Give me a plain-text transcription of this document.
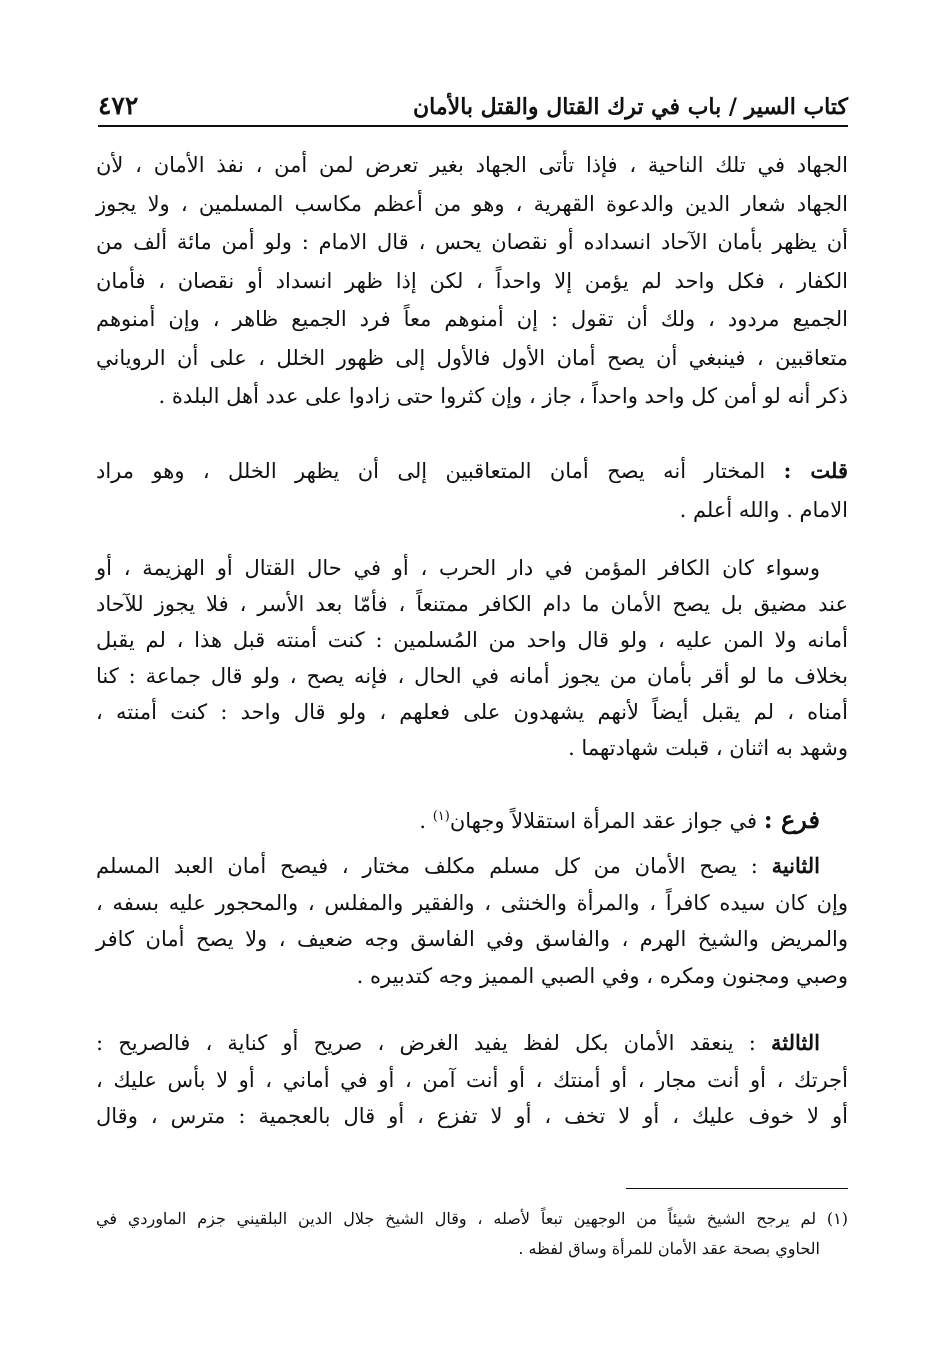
كتاب السير / باب في ترك القتال والقتل بالأمان
٤٧٢
الجهاد في تلك الناحية ، فإذا تأتى الجهاد بغير تعرض لمن أمن ، نفذ الأمان ، لأن
الجهاد شعار الدين والدعوة القهرية ، وهو من أعظم مكاسب المسلمين ، ولا يجوز
أن يظهر بأمان الآحاد انسداده أو نقصان يحس ، قال الامام : ولو أمن مائة ألف من
الكفار ، فكل واحد لم يؤمن إلا واحداً ، لكن إذا ظهر انسداد أو نقصان ، فأمان
الجميع مردود ، ولك أن تقول : إن أمنوهم معاً فرد الجميع ظاهر ، وإن أمنوهم
متعاقبين ، فينبغي أن يصح أمان الأول فالأول إلى ظهور الخلل ، على أن الروياني
ذكر أنه لو أمن كل واحد واحداً ، جاز ، وإن كثروا حتى زادوا على عدد أهل البلدة .
قلت : المختار أنه يصح أمان المتعاقبين إلى أن يظهر الخلل ، وهو مراد
الامام . والله أعلم .
وسواء كان الكافر المؤمن في دار الحرب ، أو في حال القتال أو الهزيمة ، أو
عند مضيق بل يصح الأمان ما دام الكافر ممتنعاً ، فأمّا بعد الأسر ، فلا يجوز للآحاد
أمانه ولا المن عليه ، ولو قال واحد من المُسلمين : كنت أمنته قبل هذا ، لم يقبل
بخلاف ما لو أقر بأمان من يجوز أمانه في الحال ، فإنه يصح ، ولو قال جماعة : كنا
أمناه ، لم يقبل أيضاً لأنهم يشهدون على فعلهم ، ولو قال واحد : كنت أمنته ،
وشهد به اثنان ، قبلت شهادتهما .
فرع : في جواز عقد المرأة استقلالاً وجهان$^{(١)}$ .
الثانية : يصح الأمان من كل مسلم مكلف مختار ، فيصح أمان العبد المسلم
وإن كان سيده كافراً ، والمرأة والخنثى ، والفقير والمفلس ، والمحجور عليه بسفه ،
والمريض والشيخ الهرم ، والفاسق وفي الفاسق وجه ضعيف ، ولا يصح أمان كافر
وصبي ومجنون ومكره ، وفي الصبي المميز وجه كتدبيره .
الثالثة : ينعقد الأمان بكل لفظ يفيد الغرض ، صريح أو كناية ، فالصريح :
أجرتك ، أو أنت مجار ، أو أمنتك ، أو أنت آمن ، أو في أماني ، أو لا بأس عليك ،
أو لا خوف عليك ، أو لا تخف ، أو لا تفزع ، أو قال بالعجمية : مترس ، وقال
(١) لم يرجح الشيخ شيئاً من الوجهين تبعاً لأصله ، وقال الشيخ جلال الدين البلقيني جزم الماوردي في
الحاوي بصحة عقد الأمان للمرأة وساق لفظه .
